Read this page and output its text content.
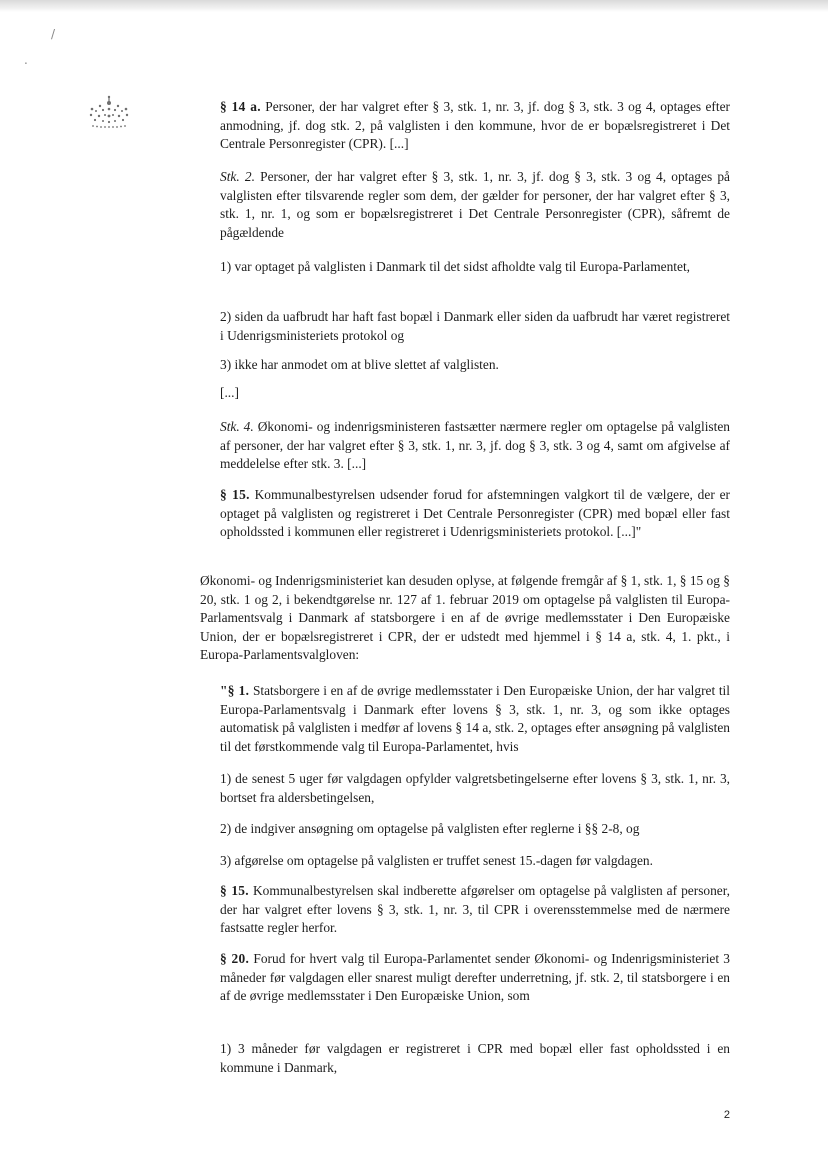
/
.

§ 14 a. Personer, der har valgret efter § 3, stk. 1, nr. 3, jf. dog § 3, stk. 3 og 4, optages efter anmodning, jf. dog stk. 2, på valglisten i den kommune, hvor de er bopælsregistreret i Det Centrale Personregister (CPR). [...]

Stk. 2. Personer, der har valgret efter § 3, stk. 1, nr. 3, jf. dog § 3, stk. 3 og 4, optages på valglisten efter tilsvarende regler som dem, der gælder for personer, der har valgret efter § 3, stk. 1, nr. 1, og som er bopælsregistreret i Det Centrale Personregister (CPR), såfremt de pågældende

1) var optaget på valglisten i Danmark til det sidst afholdte valg til Europa-Parlamentet,

2) siden da uafbrudt har haft fast bopæl i Danmark eller siden da uafbrudt har været registreret i Udenrigsministeriets protokol og

3) ikke har anmodet om at blive slettet af valglisten.

[...]

Stk. 4. Økonomi- og indenrigsministeren fastsætter nærmere regler om optagelse på valglisten af personer, der har valgret efter § 3, stk. 1, nr. 3, jf. dog § 3, stk. 3 og 4, samt om afgivelse af meddelelse efter stk. 3. [...]

§ 15. Kommunalbestyrelsen udsender forud for afstemningen valgkort til de vælgere, der er optaget på valglisten og registreret i Det Centrale Personregister (CPR) med bopæl eller fast opholdssted i kommunen eller registreret i Udenrigsministeriets protokol. [...]"

Økonomi- og Indenrigsministeriet kan desuden oplyse, at følgende fremgår af § 1, stk. 1, § 15 og § 20, stk. 1 og 2, i bekendtgørelse nr. 127 af 1. februar 2019 om optagelse på valglisten til Europa-Parlamentsvalg i Danmark af statsborgere i en af de øvrige medlemsstater i Den Europæiske Union, der er bopælsregistreret i CPR, der er udstedt med hjemmel i § 14 a, stk. 4, 1. pkt., i Europa-Parlamentsvalgloven:

"§ 1. Statsborgere i en af de øvrige medlemsstater i Den Europæiske Union, der har valgret til Europa-Parlamentsvalg i Danmark efter lovens § 3, stk. 1, nr. 3, og som ikke optages automatisk på valglisten i medfør af lovens § 14 a, stk. 2, optages efter ansøgning på valglisten til det førstkommende valg til Europa-Parlamentet, hvis

1) de senest 5 uger før valgdagen opfylder valgretsbetingelserne efter lovens § 3, stk. 1, nr. 3, bortset fra aldersbetingelsen,

2) de indgiver ansøgning om optagelse på valglisten efter reglerne i §§ 2-8, og

3) afgørelse om optagelse på valglisten er truffet senest 15.-dagen før valgdagen.

§ 15. Kommunalbestyrelsen skal indberette afgørelser om optagelse på valglisten af personer, der har valgret efter lovens § 3, stk. 1, nr. 3, til CPR i overensstemmelse med de nærmere fastsatte regler herfor.

§ 20. Forud for hvert valg til Europa-Parlamentet sender Økonomi- og Indenrigsministeriet 3 måneder før valgdagen eller snarest muligt derefter underretning, jf. stk. 2, til statsborgere i en af de øvrige medlemsstater i Den Europæiske Union, som

1) 3 måneder før valgdagen er registreret i CPR med bopæl eller fast opholdssted i en kommune i Danmark,

2
